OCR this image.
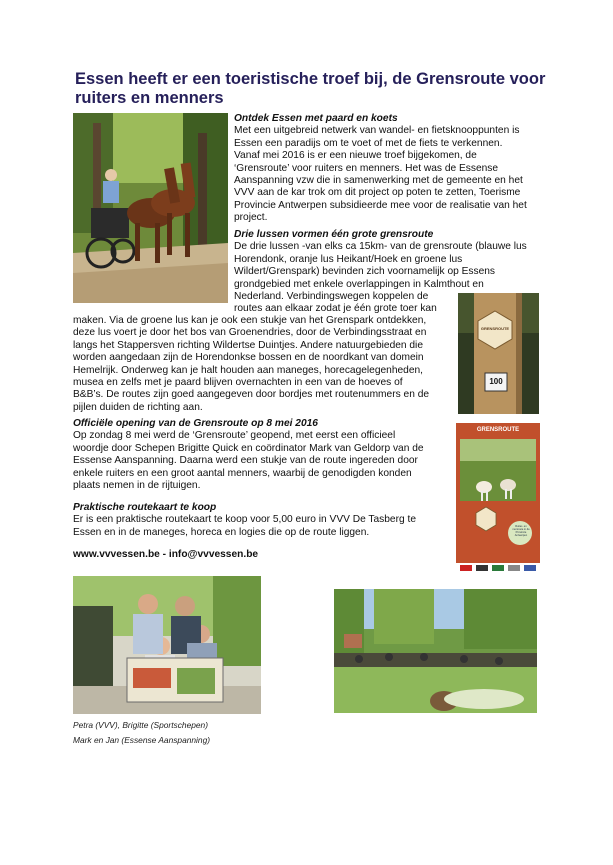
Essen heeft er een toeristische troef bij, de Grensroute voor ruiters en menners
Ontdek Essen met paard en koets
Met een uitgebreid netwerk van wandel- en fietsknooppunten is
Essen een paradijs om te voet of met de fiets te verkennen.
Vanaf mei 2016 is er een nieuwe troef bijgekomen, de
‘Grensroute’ voor ruiters en menners. Het was de Essense
Aanspanning vzw die in samenwerking met de gemeente en het
VVV aan de kar trok om dit project op poten te zetten, Toerisme
Provincie Antwerpen subsidieerde mee voor de realisatie van het
project.
Drie lussen vormen één grote grensroute
De drie lussen -van elks ca 15km- van de grensroute (blauwe lus
Horendonk, oranje lus Heikant/Hoek en groene lus
Wildert/Grenspark) bevinden zich voornamelijk op Essens
grondgebied met enkele overlappingen in Kalmthout en
Nederland. Verbindingswegen koppelen de
routes aan elkaar zodat je één grote toer kan
maken. Via de groene lus kan je ook een stukje van het Grenspark ontdekken,
deze lus voert je door het bos van Groenendries, door de Verbindingsstraat en
langs het Stappersven richting Wildertse Duintjes. Andere natuurgebieden die
worden aangedaan zijn de Horendonkse bossen en de noordkant van domein
Hemelrijk. Onderweg kan je halt houden aan maneges, horecagelegenheden,
musea en zelfs met je paard blijven overnachten in een van de hoeves of
B&B’s. De routes zijn goed aangegeven door bordjes met routenummers en de
pijlen duiden de richting aan.
Officiële opening van de Grensroute op 8 mei 2016
Op zondag 8 mei werd de ‘Grensroute’ geopend, met eerst een officieel
woordje door Schepen Brigitte Quick en coördinator Mark van Geldorp van de
Essense Aanspanning. Daarna werd een stukje van de route ingereden door
enkele ruiters en een groot aantal menners, waarbij de genodigden konden
plaats nemen in de rijtuigen.
Praktische routekaart te koop
Er is een praktische routekaart te koop voor 5,00 euro in VVV De Tasberg te
Essen en in de maneges, horeca en logies die op de route liggen.
www.vvvessen.be - info@vvvessen.be
GRENSROUTE
100
GRENSROUTE
Ruiter- en menroute in de Provincie Antwerpen
Petra (VVV), Brigitte (Sportschepen)
Mark en Jan (Essense Aanspanning)
